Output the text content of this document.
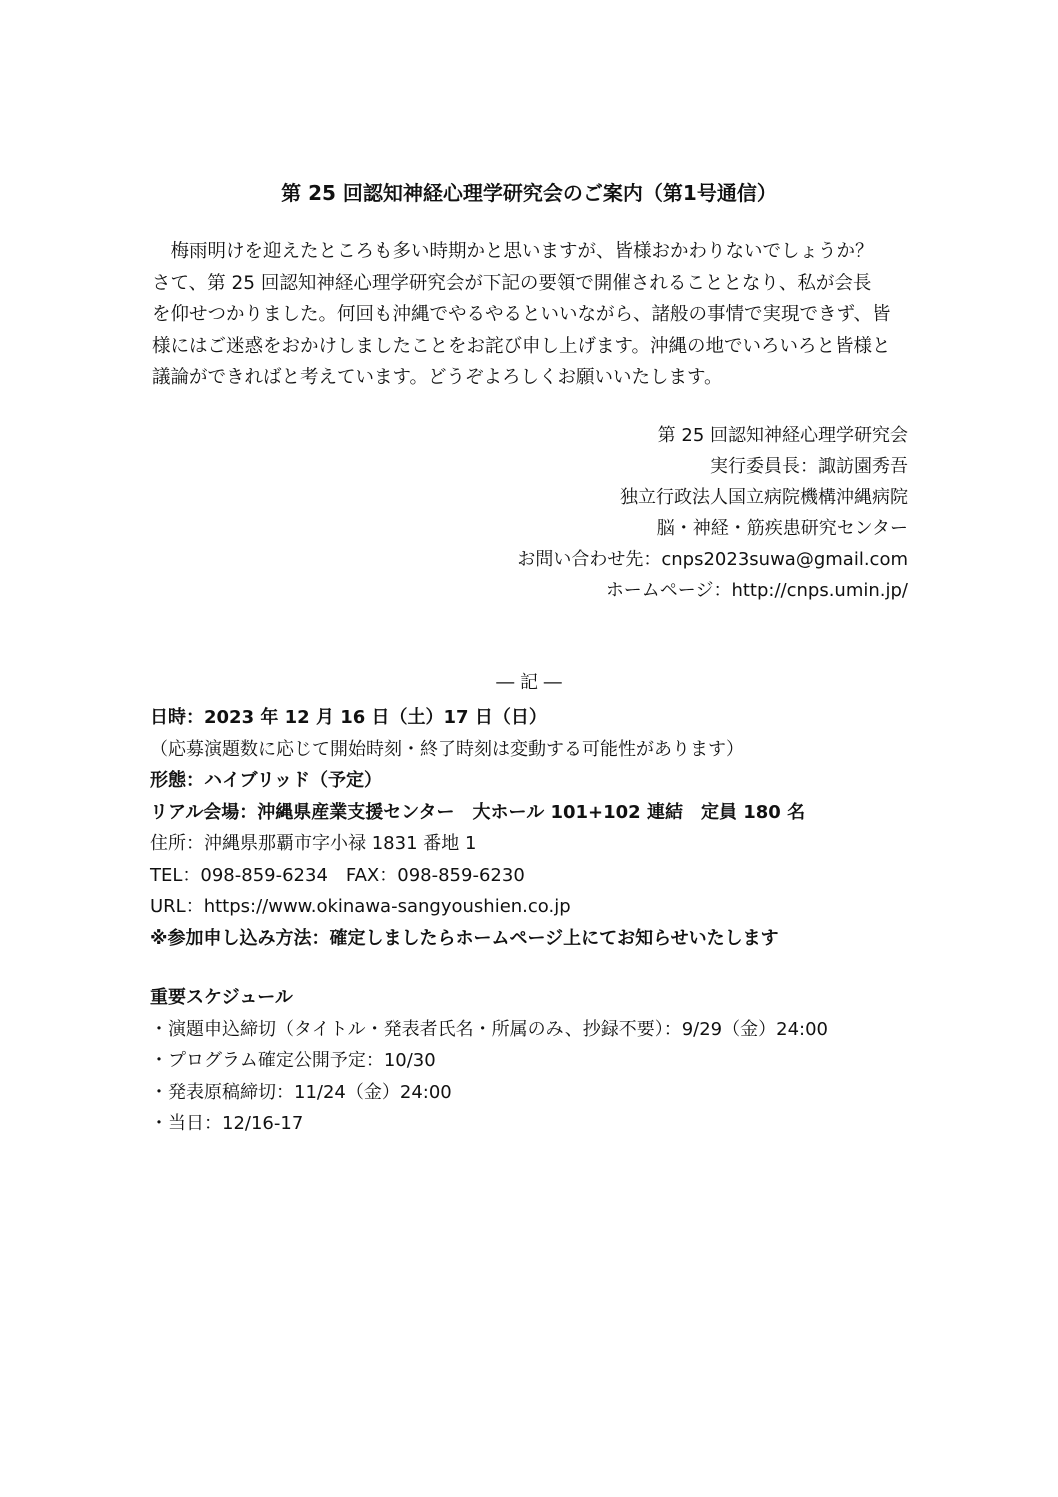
第 25 回認知神経心理学研究会のご案内（第1号通信）
　梅雨明けを迎えたところも多い時期かと思いますが、皆様おかわりないでしょうか？
さて、第 25 回認知神経心理学研究会が下記の要領で開催されることとなり、私が会長
を仰せつかりました。何回も沖縄でやるやるといいながら、諸般の事情で実現できず、皆
様にはご迷惑をおかけしましたことをお詫び申し上げます。沖縄の地でいろいろと皆様と
議論ができればと考えています。どうぞよろしくお願いいたします。
第 25 回認知神経心理学研究会
実行委員長：諏訪園秀吾
独立行政法人国立病院機構沖縄病院
脳・神経・筋疾患研究センター
お問い合わせ先：cnps2023suwa@gmail.com
ホームページ：http://cnps.umin.jp/
― 記 ―
日時：2023 年 12 月 16 日（土）17 日（日）
（応募演題数に応じて開始時刻・終了時刻は変動する可能性があります）
形態：ハイブリッド（予定）
リアル会場：沖縄県産業支援センター　大ホール 101+102 連結　定員 180 名
住所：沖縄県那覇市字小禄 1831 番地 1
TEL：098-859-6234　FAX：098-859-6230
URL：https://www.okinawa-sangyoushien.co.jp
※参加申し込み方法：確定しましたらホームページ上にてお知らせいたします
重要スケジュール
・演題申込締切（タイトル・発表者氏名・所属のみ、抄録不要）：9/29（金）24:00
・プログラム確定公開予定：10/30
・発表原稿締切：11/24（金）24:00
・当日：12/16-17
